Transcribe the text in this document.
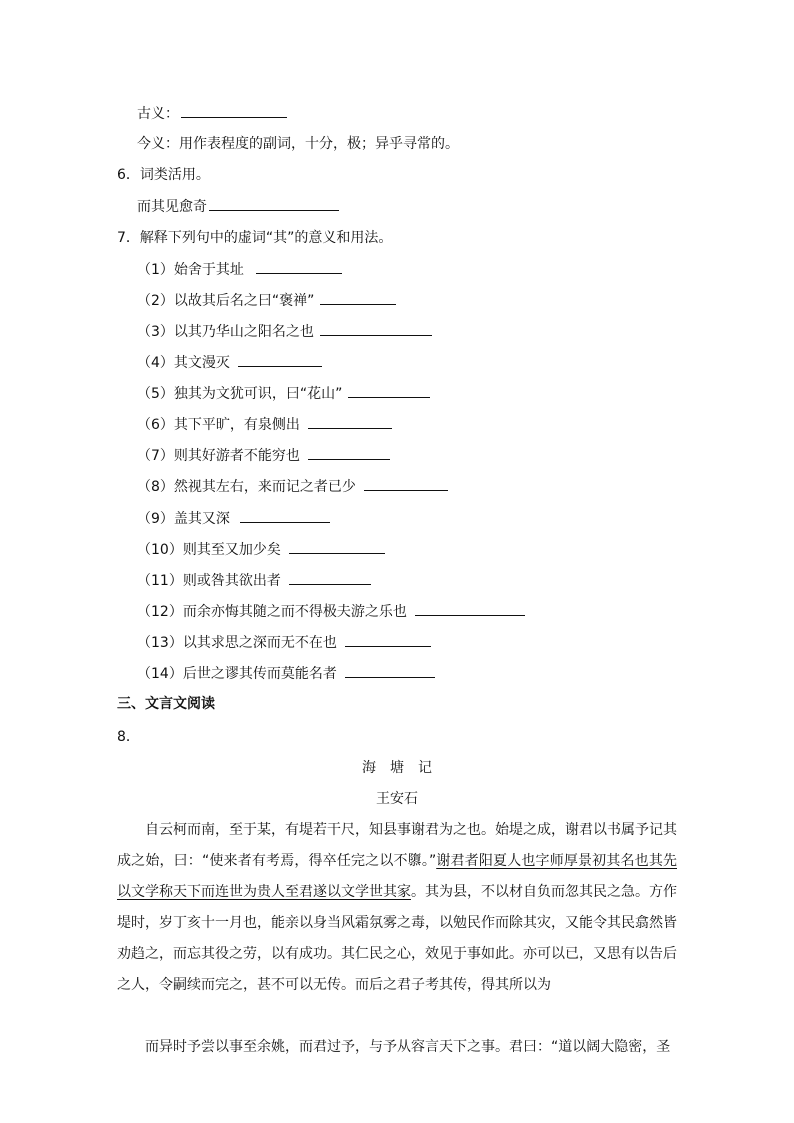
古义：
今义：用作表程度的副词，十分，极；异乎寻常的。
6．词类活用。
而其见愈奇
7．解释下列句中的虚词“其”的意义和用法。
（1）始舍于其址
（2）以故其后名之曰“褒禅”
（3）以其乃华山之阳名之也
（4）其文漫灭
（5）独其为文犹可识，曰“花山”
（6）其下平旷，有泉侧出
（7）则其好游者不能穷也
（8）然视其左右，来而记之者已少
（9）盖其又深
（10）则其至又加少矣
（11）则或咎其欲出者
（12）而余亦悔其随之而不得极夫游之乐也
（13）以其求思之深而无不在也
（14）后世之谬其传而莫能名者
三、文言文阅读
8．
海　塘　记
王安石
自云柯而南，至于某，有堤若干尺，知县事谢君为之也。始堤之成，谢君以书属予记其成之始，曰：“使来者有考焉，得卒任完之以不隳。”谢君者阳夏人也字师厚景初其名也其先以文学称天下而连世为贵人至君遂以文学世其家。其为县，不以材自负而忽其民之急。方作堤时，岁丁亥十一月也，能亲以身当风霜氛雾之毒，以勉民作而除其灾，又能令其民翕然皆劝趋之，而忘其役之劳，以有成功。其仁民之心，效见于事如此。亦可以已，又思有以告后之人，令嗣续而完之，甚不可以无传。而后之君子考其传，得其所以为
而异时予尝以事至余姚，而君过予，与予从容言天下之事。君曰：“道以阔大隐密，圣
